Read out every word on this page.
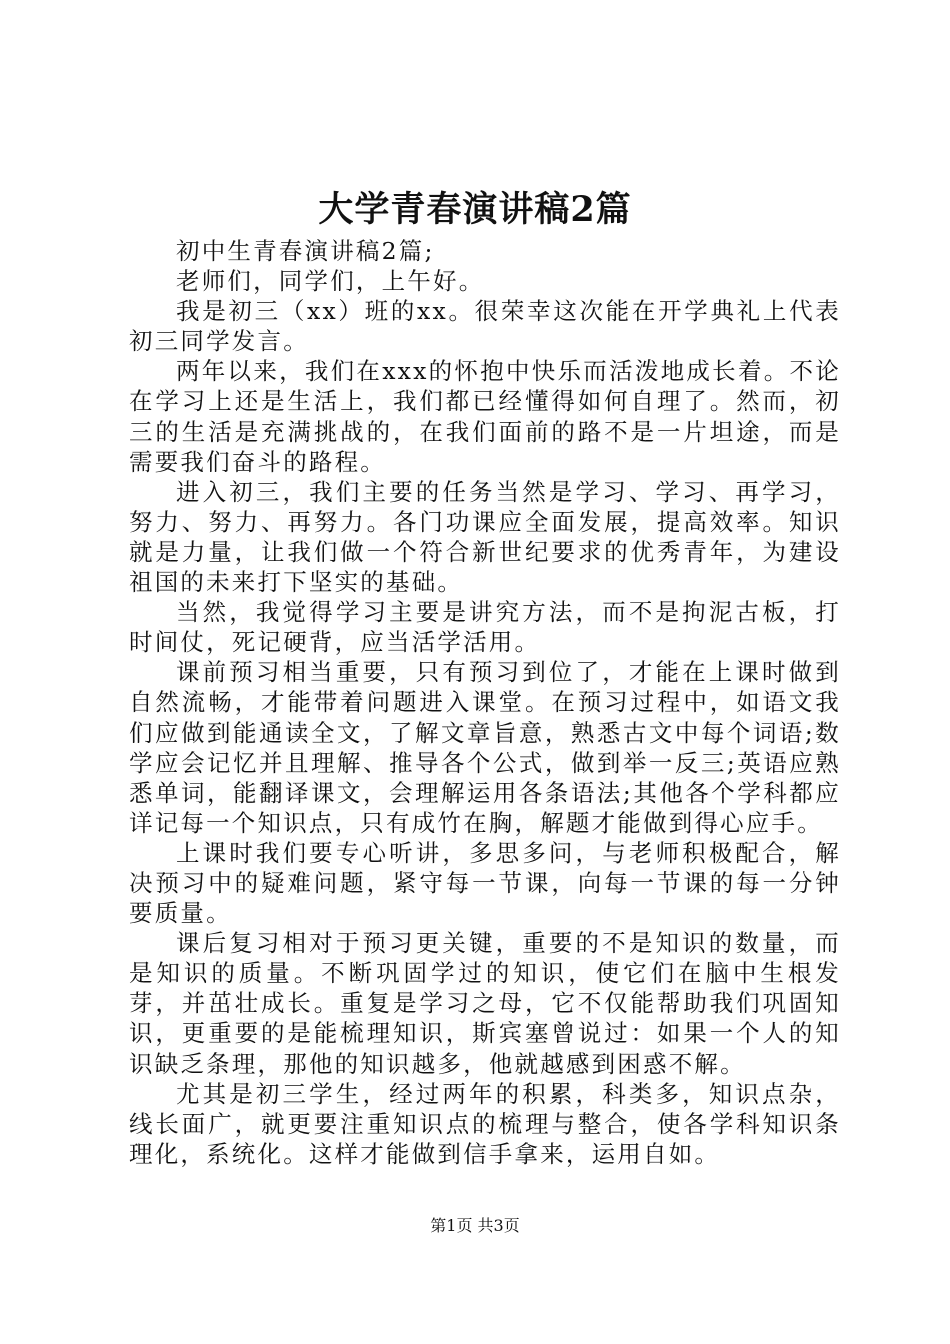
大学青春演讲稿2篇

初中生青春演讲稿2篇;

老师们，同学们，上午好。

我是初三（xx）班的xx。很荣幸这次能在开学典礼上代表初三同学发言。

两年以来，我们在xxx的怀抱中快乐而活泼地成长着。不论在学习上还是生活上，我们都已经懂得如何自理了。然而，初三的生活是充满挑战的，在我们面前的路不是一片坦途，而是需要我们奋斗的路程。

进入初三，我们主要的任务当然是学习、学习、再学习，努力、努力、再努力。各门功课应全面发展，提高效率。知识就是力量，让我们做一个符合新世纪要求的优秀青年，为建设祖国的未来打下坚实的基础。

当然，我觉得学习主要是讲究方法，而不是拘泥古板，打时间仗，死记硬背，应当活学活用。

课前预习相当重要，只有预习到位了，才能在上课时做到自然流畅，才能带着问题进入课堂。在预习过程中，如语文我们应做到能通读全文，了解文章旨意，熟悉古文中每个词语;数学应会记忆并且理解、推导各个公式，做到举一反三;英语应熟悉单词，能翻译课文，会理解运用各条语法;其他各个学科都应详记每一个知识点，只有成竹在胸，解题才能做到得心应手。

上课时我们要专心听讲，多思多问，与老师积极配合，解决预习中的疑难问题，紧守每一节课，向每一节课的每一分钟要质量。

课后复习相对于预习更关键，重要的不是知识的数量，而是知识的质量。不断巩固学过的知识，使它们在脑中生根发芽，并茁壮成长。重复是学习之母，它不仅能帮助我们巩固知识，更重要的是能梳理知识，斯宾塞曾说过：如果一个人的知识缺乏条理，那他的知识越多，他就越感到困惑不解。

尤其是初三学生，经过两年的积累，科类多，知识点杂，线长面广，就更要注重知识点的梳理与整合，使各学科知识条理化，系统化。这样才能做到信手拿来，运用自如。

第1页 共3页
